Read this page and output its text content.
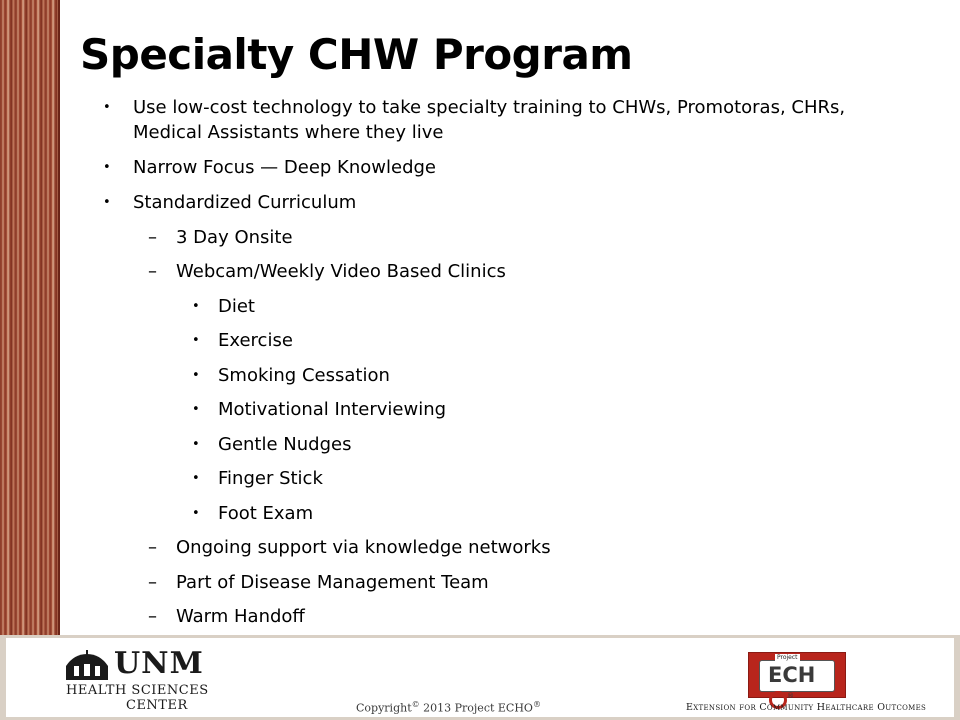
Specialty CHW Program
• Use low-cost technology to take specialty training to CHWs, Promotoras, CHRs,
Medical Assistants where they live
• Narrow Focus — Deep Knowledge
• Standardized Curriculum
– 3 Day Onsite
– Webcam/Weekly Video Based Clinics
• Diet
• Exercise
• Smoking Cessation
• Motivational Interviewing
• Gentle Nudges
• Finger Stick
• Foot Exam
– Ongoing support via knowledge networks
– Part of Disease Management Team
– Warm Handoff
UNM
HEALTH SCIENCES
CENTER	Copyright© 2013 Project ECHO®
Project
ECH®
Extension for Community Healthcare Outcomes
